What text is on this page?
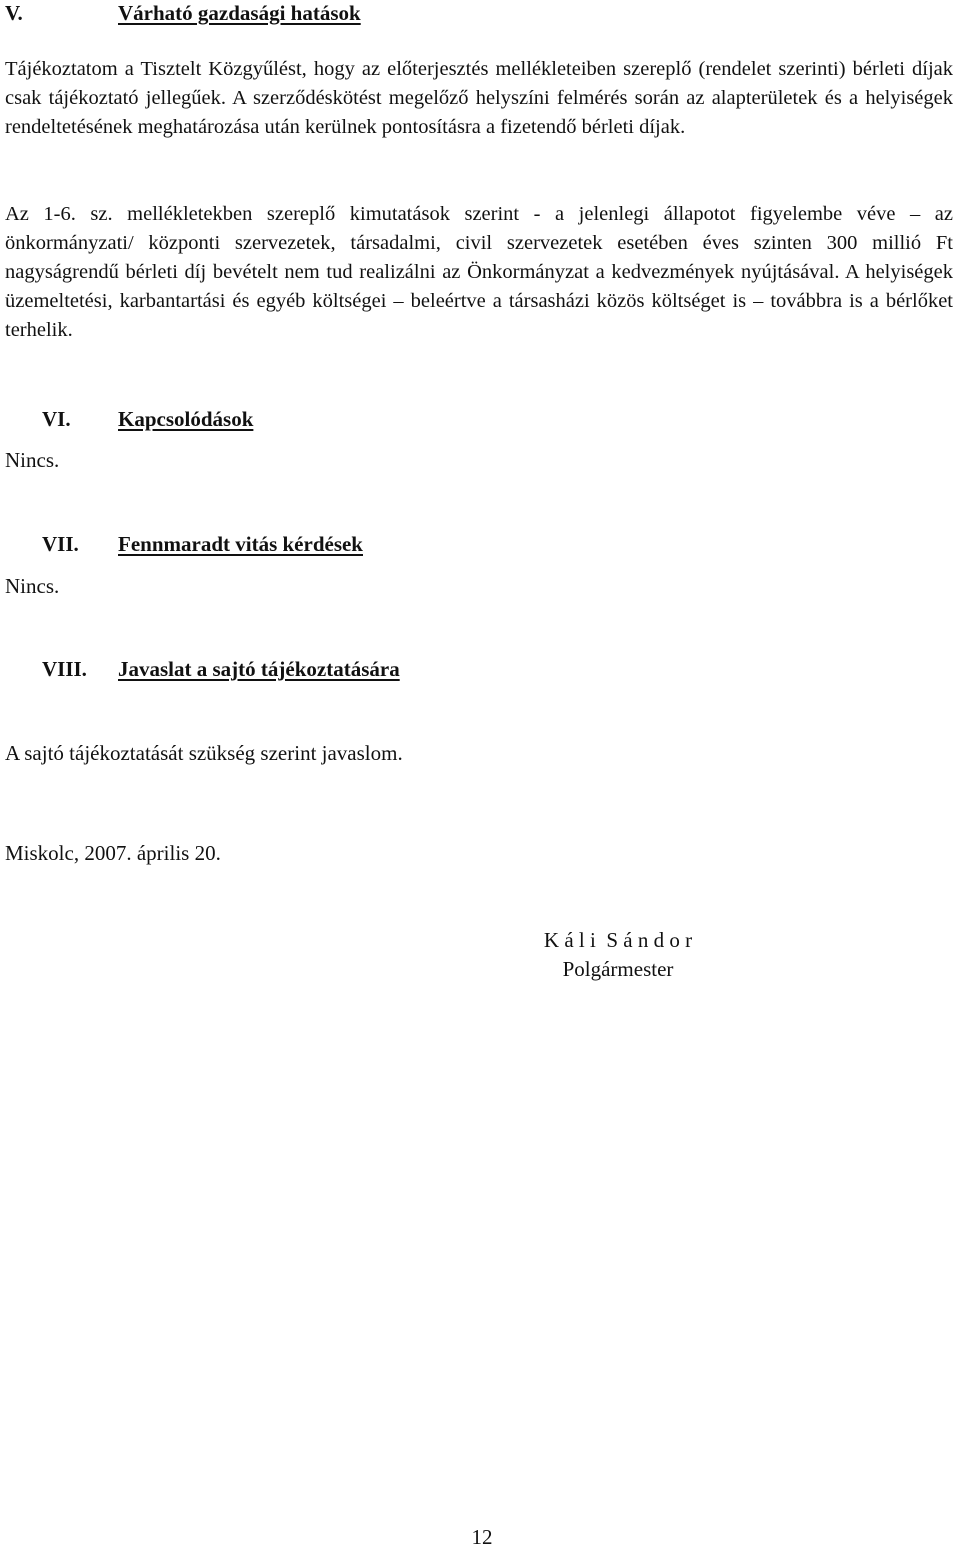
V.	Várható gazdasági hatások

Tájékoztatom a Tisztelt Közgyűlést, hogy az előterjesztés mellékleteiben szereplő (rendelet szerinti) bérleti díjak csak tájékoztató jellegűek. A szerződéskötést megelőző helyszíni felmérés során az alapterületek és a helyiségek rendeltetésének meghatározása után kerülnek pontosításra a fizetendő bérleti díjak.

Az 1-6. sz. mellékletekben szereplő kimutatások szerint - a jelenlegi állapotot figyelembe véve – az önkormányzati/ központi szervezetek, társadalmi, civil szervezetek esetében éves szinten 300 millió Ft nagyságrendű bérleti díj bevételt nem tud realizálni az Önkormányzat a kedvezmények nyújtásával. A helyiségek üzemeltetési, karbantartási és egyéb költségei – beleértve a társasházi közös költséget is – továbbra is a bérlőket terhelik.

VI. Kapcsolódások
Nincs.
VII. Fennmaradt vitás kérdések
Nincs.
VIII. Javaslat a sajtó tájékoztatására
A sajtó tájékoztatását szükség szerint javaslom.
Miskolc, 2007. április 20.
K á l i  S á n d o r
Polgármester
12
